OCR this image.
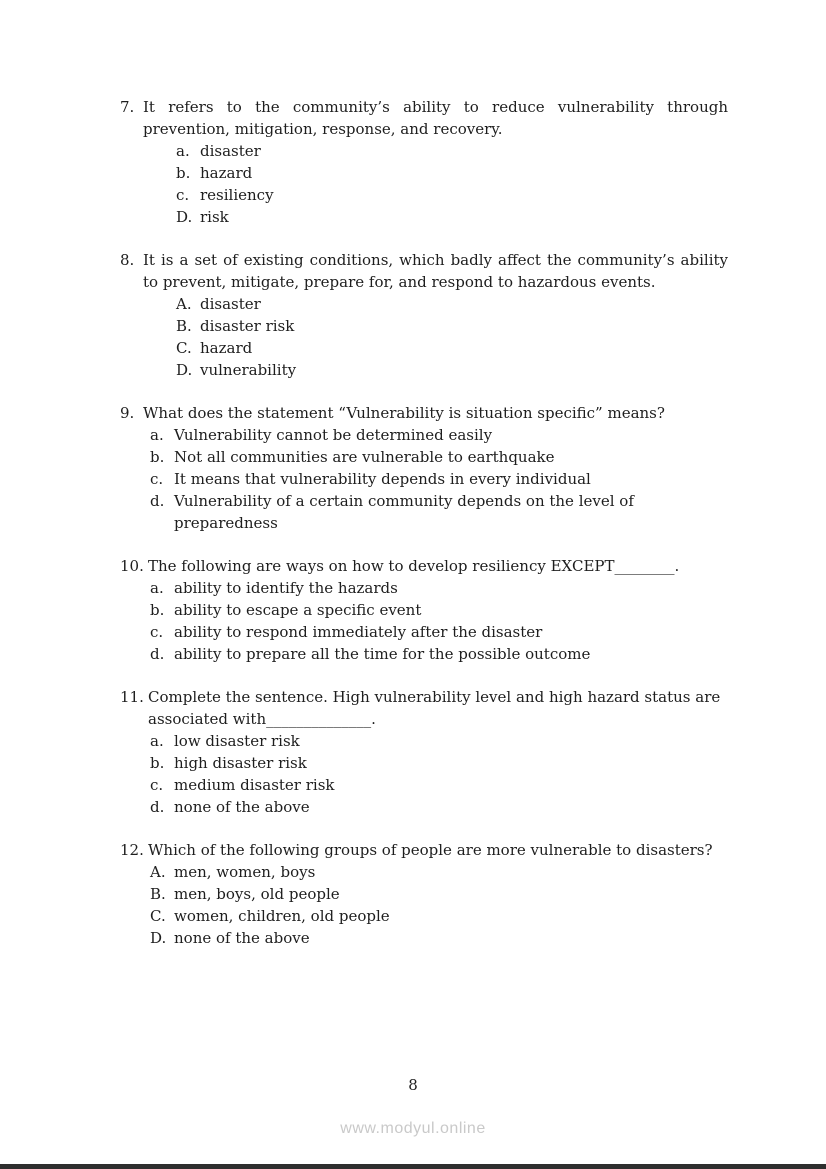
7. It refers to the community’s ability to reduce vulnerability through prevention, mitigation, response, and recovery.
a. disaster
b. hazard
c. resiliency
D. risk
8. It is a set of existing conditions, which badly affect the community’s ability to prevent, mitigate, prepare for, and respond to hazardous events.
A. disaster
B. disaster risk
C. hazard
D. vulnerability
9. What does the statement “Vulnerability is situation specific” means?
a. Vulnerability cannot be determined easily
b. Not all communities are vulnerable to earthquake
c. It means that vulnerability depends in every individual
d. Vulnerability of a certain community depends on the level of preparedness
10. The following are ways on how to develop resiliency EXCEPT________.
a. ability to identify the hazards
b. ability to escape a specific event
c. ability to respond immediately after the disaster
d. ability to prepare all the time for the possible outcome
11. Complete the sentence. High vulnerability level and high hazard status are associated with______________.
a. low disaster risk
b. high disaster risk
c. medium disaster risk
d. none of the above
12. Which of the following groups of people are more vulnerable to disasters?
A. men, women, boys
B. men, boys, old people
C. women, children, old people
D. none of the above
8
www.modyul.online
